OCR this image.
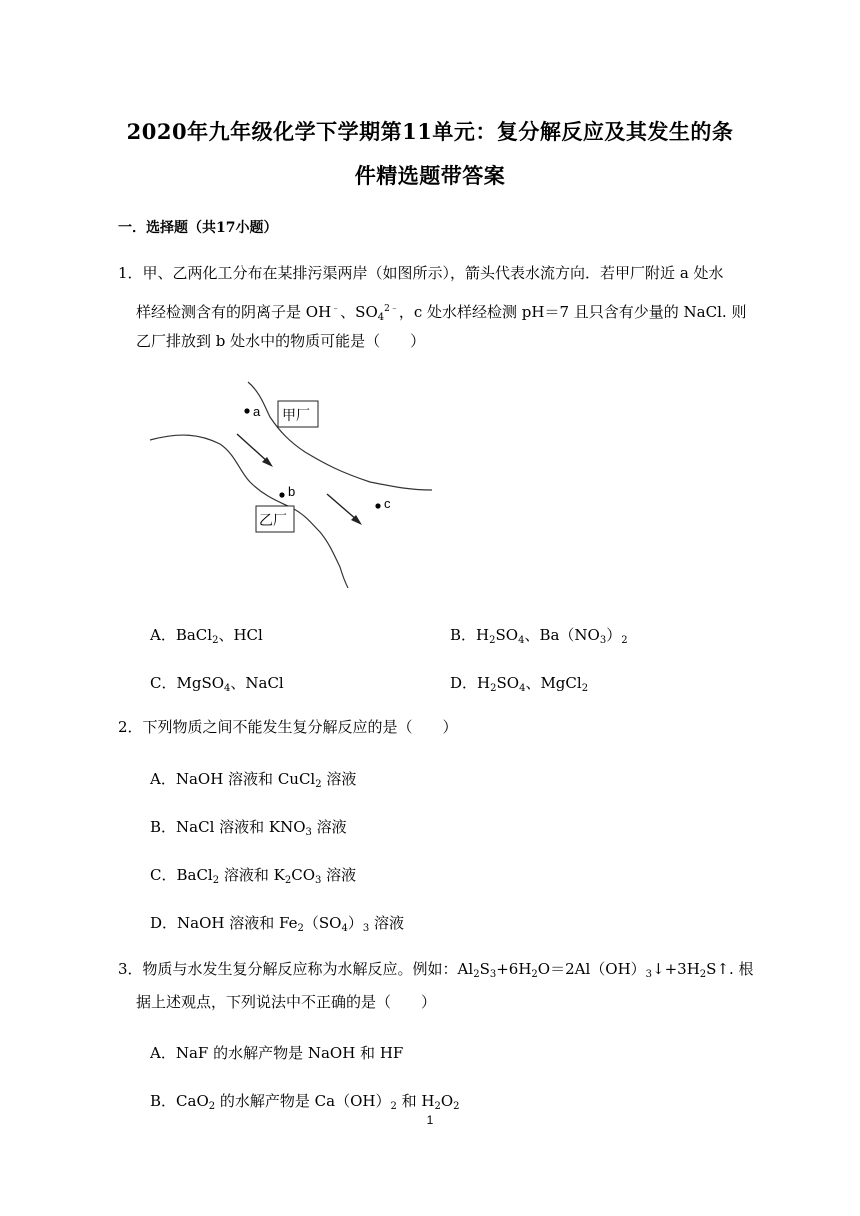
2020年九年级化学下学期第11单元：复分解反应及其发生的条
件精选题带答案
一．选择题（共17小题）
1．甲、乙两化工分布在某排污渠两岸（如图所示），箭头代表水流方向．若甲厂附近 a 处水
样经检测含有的阴离子是 OH﹣、$SO_4^{2﹣}$，c 处水样经检测 pH＝7 且只含有少量的 NaCl. 则
乙厂排放到 b 处水中的物质可能是（　　）
a
b
c
甲厂
乙厂
A．BaCl$_2$、HCl	B．$H_2SO_4$、$Ba(NO_3)_2$
C．MgSO$_4$、NaCl	D．$H_2SO_4$、MgCl$_2$
2．下列物质之间不能发生复分解反应的是（　　）
A．NaOH 溶液和 CuCl$_2$ 溶液
B．NaCl 溶液和 $KNO_3$ 溶液
C．BaCl$_2$ 溶液和 $K_2CO_3$ 溶液
D．NaOH 溶液和 $Fe_2(SO_4)_3$ 溶液
3．物质与水发生复分解反应称为水解反应。例如：$Al_2S_3+6H_2O=2Al(OH)_3↓+3H_2S↑$. 根
据上述观点，下列说法中不正确的是（　　）
A．NaF 的水解产物是 NaOH 和 HF
B．CaO$_2$ 的水解产物是 $Ca(OH)_2$ 和 $H_2O_2$
1
